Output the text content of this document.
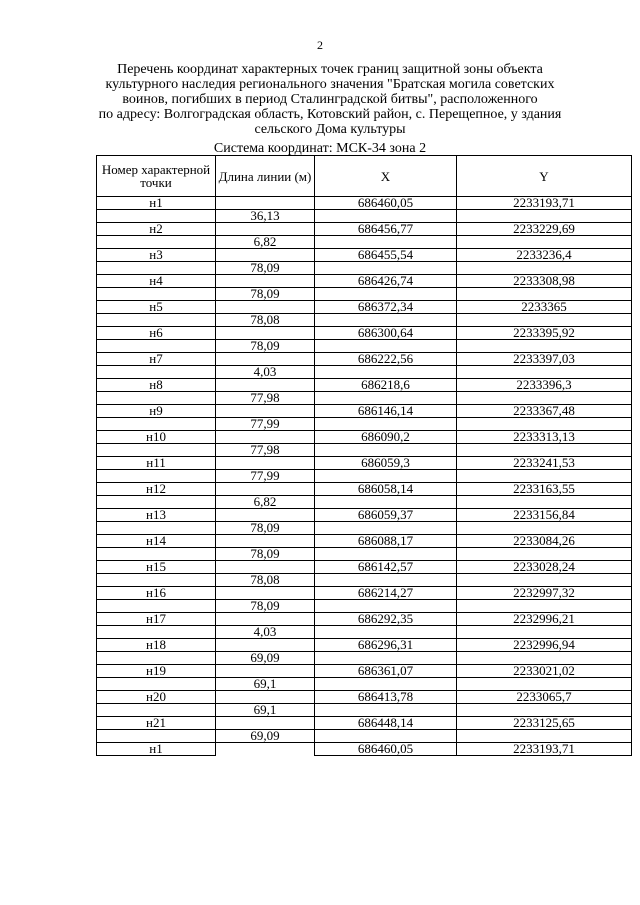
2
Перечень координат характерных точек границ защитной зоны объекта
культурного наследия регионального значения "Братская могила советских
воинов, погибших в период Сталинградской битвы", расположенного
по адресу: Волгоградская область, Котовский район, с. Перещепное, у здания
сельского Дома культуры
Система координат: МСК-34 зона 2
Номер характерной точки	Длина линии (м)	X	Y
н1		686460,05	2233193,71
	36,13		
н2		686456,77	2233229,69
	6,82		
н3		686455,54	2233236,4
	78,09		
н4		686426,74	2233308,98
	78,09		
н5		686372,34	2233365
	78,08		
н6		686300,64	2233395,92
	78,09		
н7		686222,56	2233397,03
	4,03		
н8		686218,6	2233396,3
	77,98		
н9		686146,14	2233367,48
	77,99		
н10		686090,2	2233313,13
	77,98		
н11		686059,3	2233241,53
	77,99		
н12		686058,14	2233163,55
	6,82		
н13		686059,37	2233156,84
	78,09		
н14		686088,17	2233084,26
	78,09		
н15		686142,57	2233028,24
	78,08		
н16		686214,27	2232997,32
	78,09		
н17		686292,35	2232996,21
	4,03		
н18		686296,31	2232996,94
	69,09		
н19		686361,07	2233021,02
	69,1		
н20		686413,78	2233065,7
	69,1		
н21		686448,14	2233125,65
	69,09		
н1		686460,05	2233193,71
